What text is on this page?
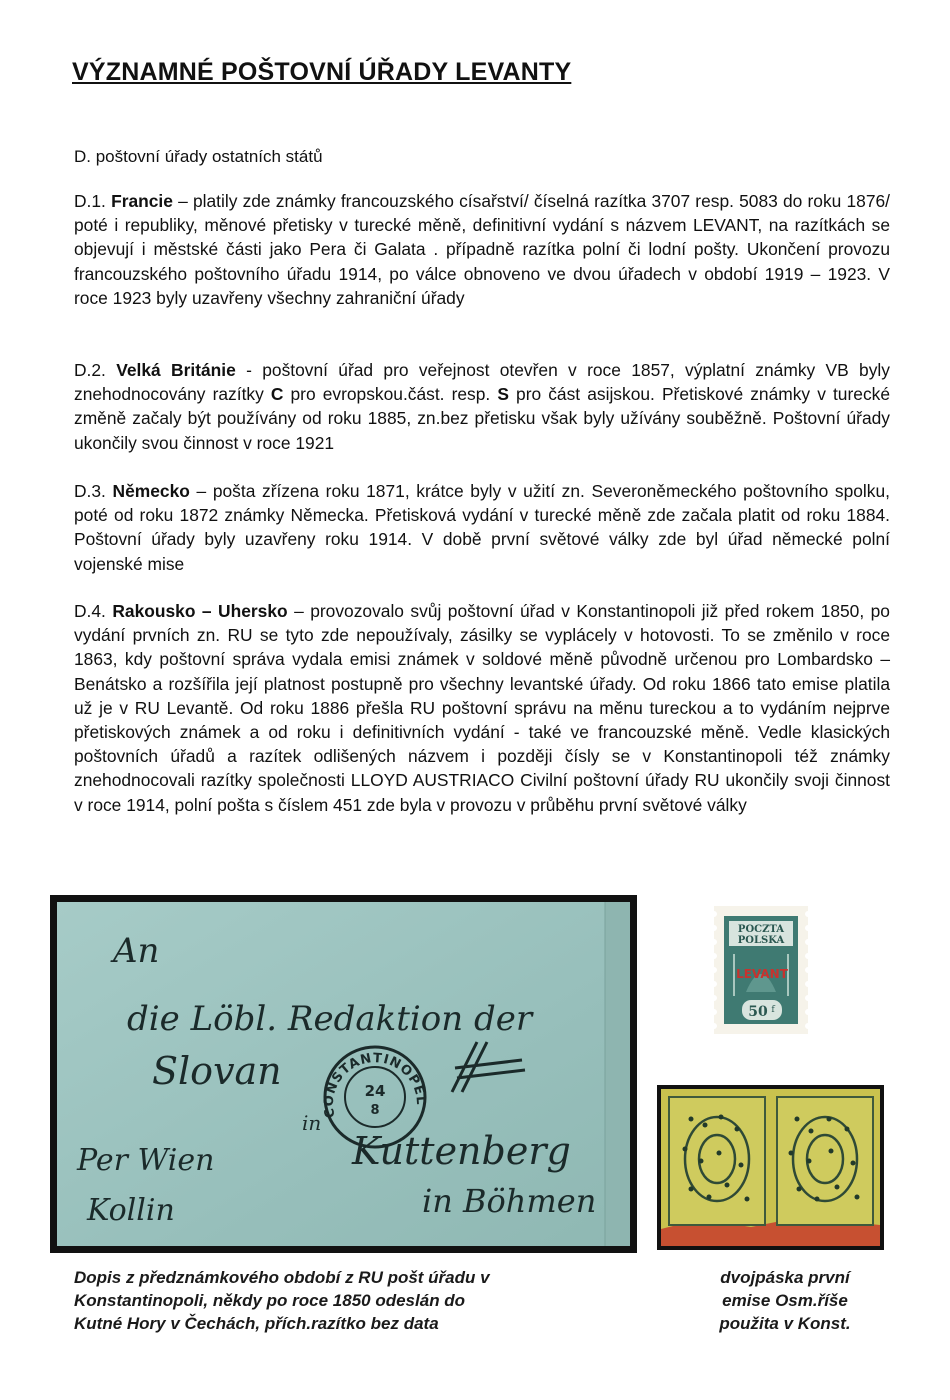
VÝZNAMNÉ POŠTOVNÍ ÚŘADY LEVANTY

D. poštovní úřady ostatních států

D.1. Francie – platily zde známky francouzského císařství/ číselná razítka 3707 resp. 5083 do roku 1876/ poté i republiky, měnové přetisky v turecké měně, definitivní vydání s názvem LEVANT, na razítkách se objevují i městské části jako Pera či Galata . případně razítka polní či lodní pošty. Ukončení provozu francouzského poštovního úřadu 1914, po válce obnoveno ve dvou úřadech v období 1919 – 1923. V roce 1923 byly uzavřeny všechny zahraniční úřady

D.2. Velká Británie - poštovní úřad pro veřejnost otevřen v roce 1857, výplatní známky VB byly znehodnocovány razítky C pro evropskou.část. resp. S pro část asijskou. Přetiskové známky v turecké změně začaly být používány od roku 1885, zn.bez přetisku však byly užívány souběžně. Poštovní úřady ukončily svou činnost v roce 1921

D.3. Německo – pošta zřízena roku 1871, krátce byly v užití zn. Severoněmeckého poštovního spolku, poté od roku 1872 známky Německa. Přetisková vydání v turecké měně zde začala platit od roku 1884. Poštovní úřady byly uzavřeny roku 1914. V době první světové války zde byl úřad německé polní vojenské mise

D.4. Rakousko – Uhersko – provozovalo svůj poštovní úřad v Konstantinopoli již před rokem 1850, po vydání prvních zn. RU se tyto zde nepoužívaly, zásilky se vyplácely v hotovosti. To se změnilo v roce 1863, kdy poštovní správa vydala emisi známek v soldové měně původně určenou pro Lombardsko – Benátsko a rozšířila její platnost postupně pro všechny levantské úřady. Od roku 1866 tato emise platila už je v RU Levantě. Od roku 1886 přešla RU poštovní správu na měnu tureckou a to vydáním nejprve přetiskových známek a od roku i definitivních vydání - také ve francouzské měně. Vedle klasických poštovních úřadů a razítek odlišených názvem i později čísly se v Konstantinopoli též známky znehodnocovali razítky společnosti LLOYD AUSTRIACO Civilní poštovní úřady RU ukončily svoji činnost v roce 1914, polní pošta s číslem 451 zde byla v provozu v průběhu první světové války

An
die Löbl. Redaktion der
Slovan
in
Kuttenberg
Per Wien
Kollin	in Böhmen
CONSTANTINOPEL
24
8
POCZTA
POLSKA
LEVANT
50 f

Dopis z předznámkového období z RU pošt úřadu v
Konstantinopoli, někdy po roce 1850 odeslán do
Kutné Hory v Čechách, přích.razítko bez data

dvojpáska první
emise Osm.říše
použita v Konst.
